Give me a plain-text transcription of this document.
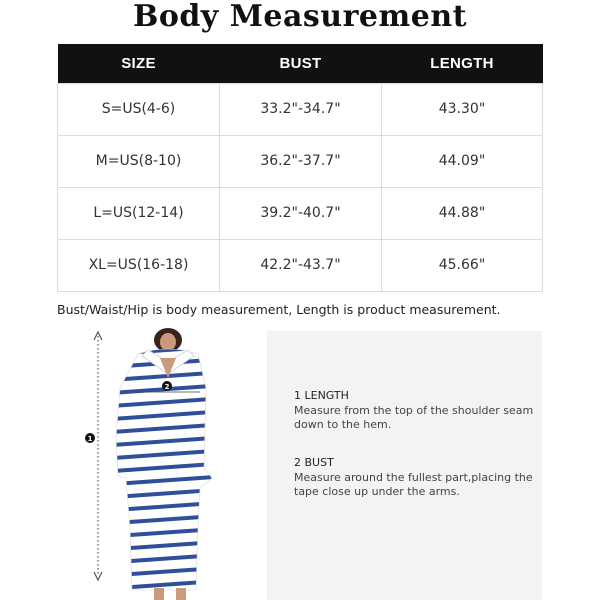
Body Measurement
SIZE	BUST	LENGTH
S=US(4-6)	33.2"-34.7"	43.30"
M=US(8-10)	36.2"-37.7"	44.09"
L=US(12-14)	39.2"-40.7"	44.88"
XL=US(16-18)	42.2"-43.7"	45.66"
Bust/Waist/Hip is body measurement, Length is product measurement.
2
1
1 LENGTH
Measure from the top of the shoulder seam down to the hem.
2 BUST
Measure around the fullest part,placing the tape close up under the arms.
